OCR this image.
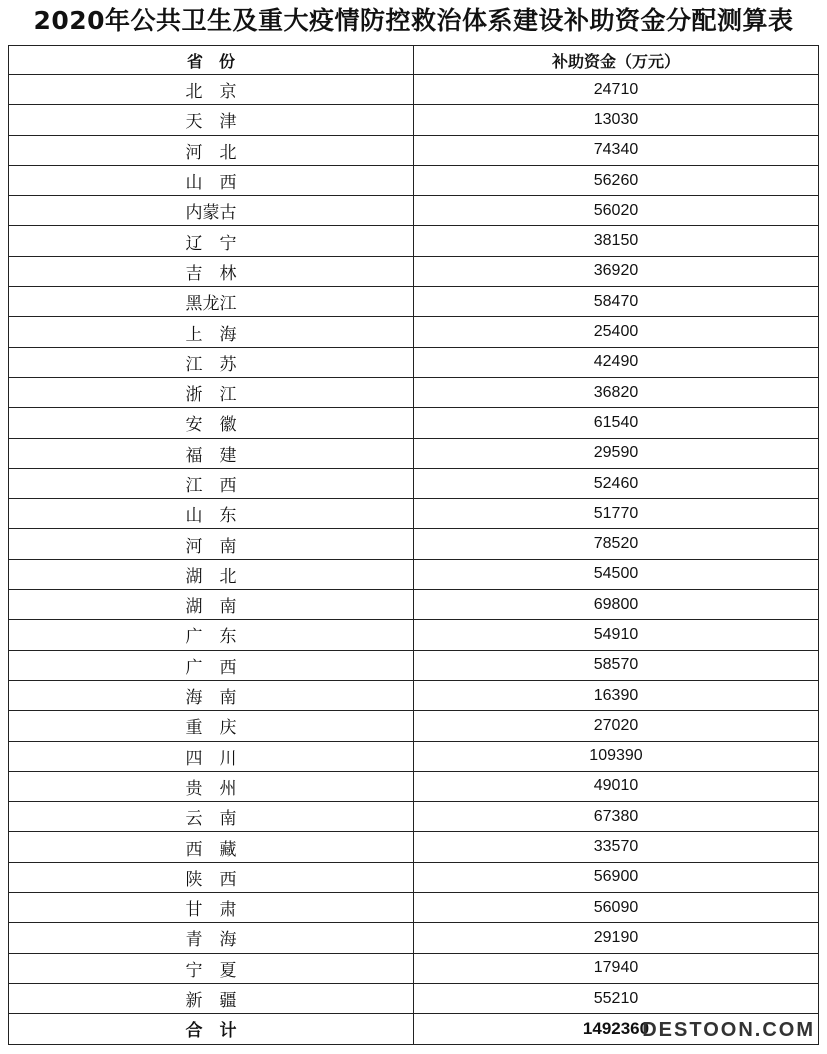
2020年公共卫生及重大疫情防控救治体系建设补助资金分配测算表
省　份	补助资金（万元）
北　京	24710
天　津	13030
河　北	74340
山　西	56260
内蒙古	56020
辽　宁	38150
吉　林	36920
黑龙江	58470
上　海	25400
江　苏	42490
浙　江	36820
安　徽	61540
福　建	29590
江　西	52460
山　东	51770
河　南	78520
湖　北	54500
湖　南	69800
广　东	54910
广　西	58570
海　南	16390
重　庆	27020
四　川	109390
贵　州	49010
云　南	67380
西　藏	33570
陕　西	56900
甘　肃	56090
青　海	29190
宁　夏	17940
新　疆	55210
合　计	1492360
DESTOON.COM
